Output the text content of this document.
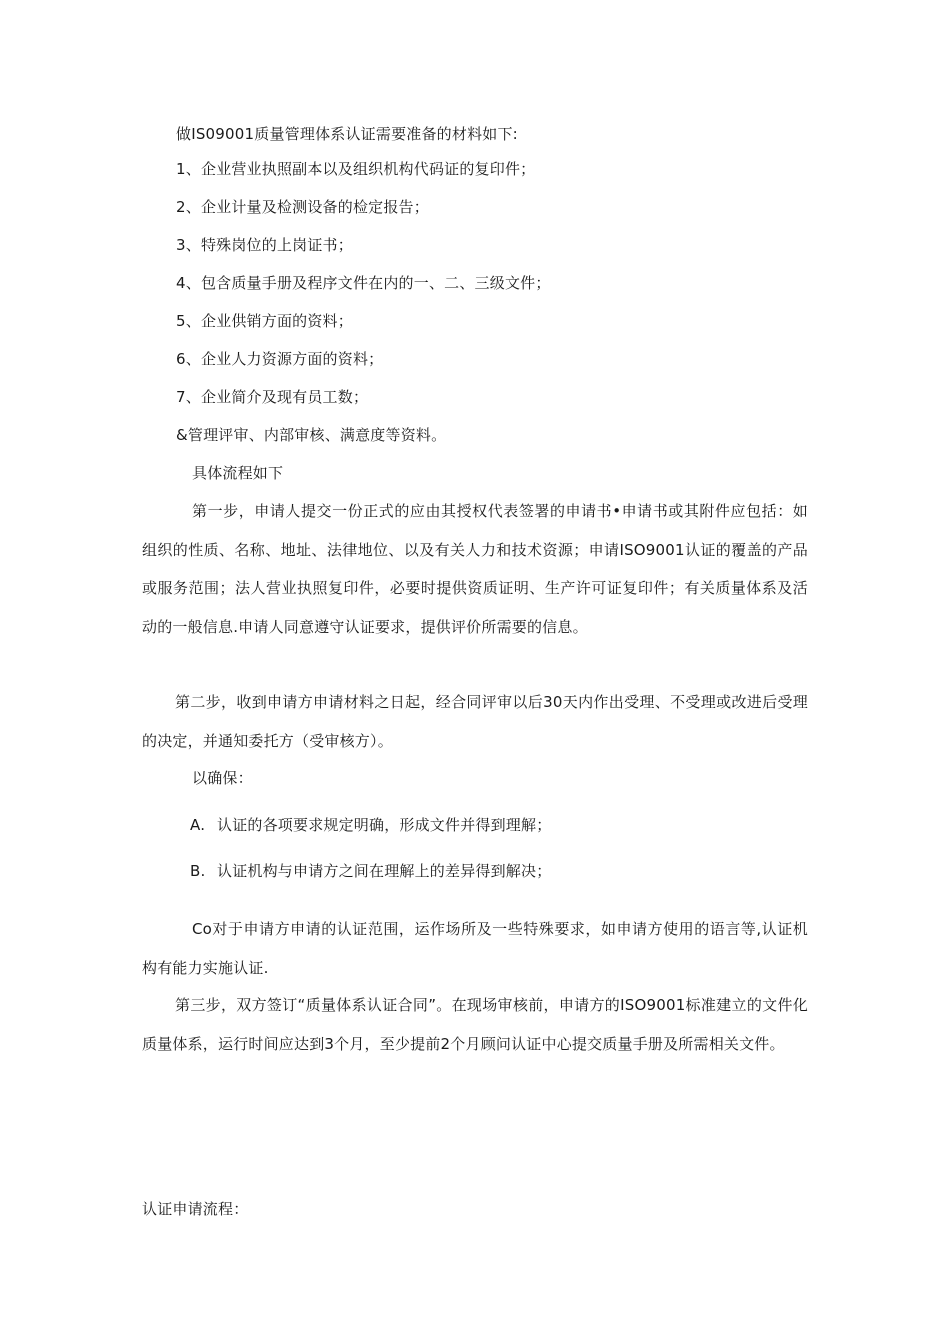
做IS09001质量管理体系认证需要准备的材料如下:
1、企业营业执照副本以及组织机构代码证的复印件；
2、企业计量及检测设备的检定报告；
3、特殊岗位的上岗证书；
4、包含质量手册及程序文件在内的一、二、三级文件；
5、企业供销方面的资料；
6、企业人力资源方面的资料；
7、企业简介及现有员工数；
&管理评审、内部审核、满意度等资料。
具体流程如下
第一步，申请人提交一份正式的应由其授权代表签署的申请书•申请书或其附件应包括：如组织的性质、名称、地址、法律地位、以及有关人力和技术资源；申请ISO9001认证的覆盖的产品或服务范围；法人营业执照复印件，必要时提供资质证明、生产许可证复印件；有关质量体系及活动的一般信息.申请人同意遵守认证要求，提供评价所需要的信息。
第二步，收到申请方申请材料之日起，经合同评审以后30天内作出受理、不受理或改进后受理的决定，并通知委托方（受审核方）。
以确保：
A. 认证的各项要求规定明确，形成文件并得到理解；
B. 认证机构与申请方之间在理解上的差异得到解决；
Co对于申请方申请的认证范围，运作场所及一些特殊要求，如申请方使用的语言等,认证机构有能力实施认证.
第三步，双方签订“质量体系认证合同”。在现场审核前，申请方的ISO9001标准建立的文件化质量体系，运行时间应达到3个月，至少提前2个月顾问认证中心提交质量手册及所需相关文件。
认证申请流程：
